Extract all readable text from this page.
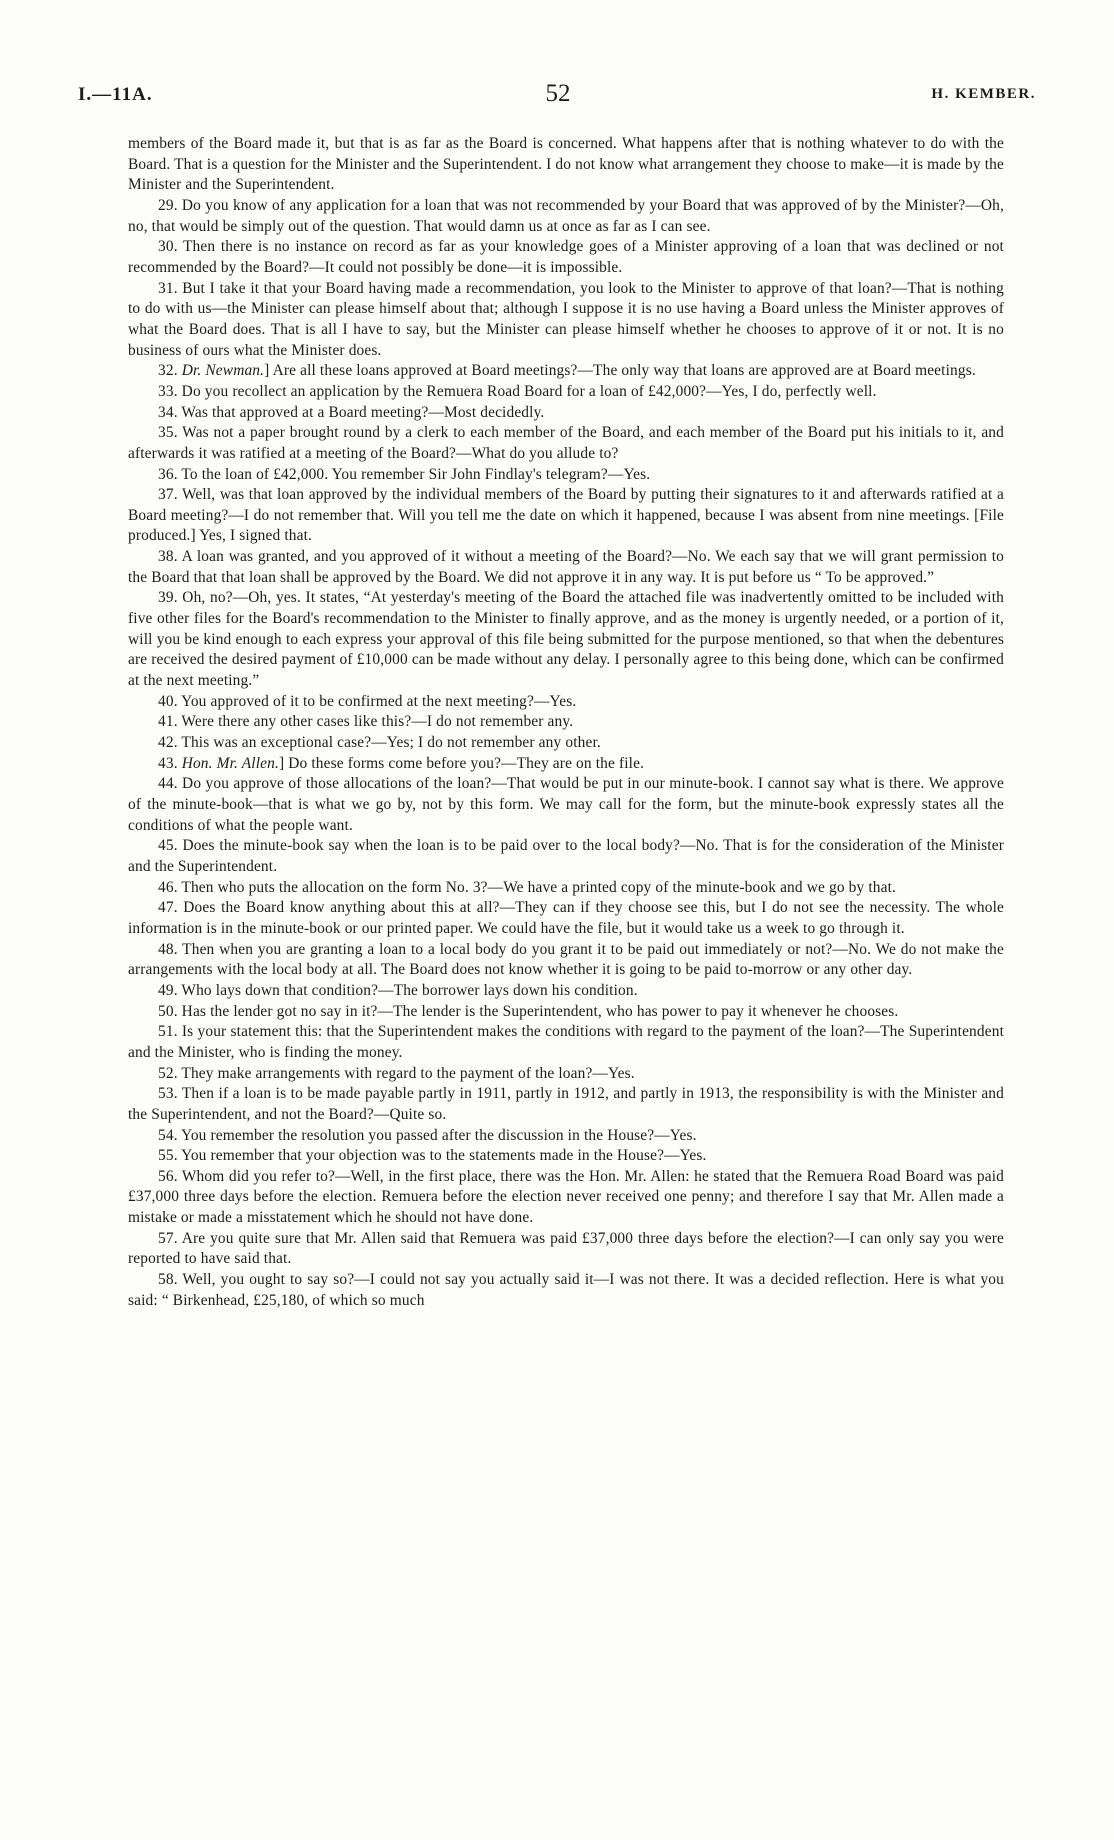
I.—11A.	52	H. KEMBER.

members of the Board made it, but that is as far as the Board is concerned. What happens after that is nothing whatever to do with the Board. That is a question for the Minister and the Superintendent. I do not know what arrangement they choose to make—it is made by the Minister and the Superintendent.

29. Do you know of any application for a loan that was not recommended by your Board that was approved of by the Minister?—Oh, no, that would be simply out of the question. That would damn us at once as far as I can see.

30. Then there is no instance on record as far as your knowledge goes of a Minister approving of a loan that was declined or not recommended by the Board?—It could not possibly be done—it is impossible.

31. But I take it that your Board having made a recommendation, you look to the Minister to approve of that loan?—That is nothing to do with us—the Minister can please himself about that; although I suppose it is no use having a Board unless the Minister approves of what the Board does. That is all I have to say, but the Minister can please himself whether he chooses to approve of it or not. It is no business of ours what the Minister does.

32. Dr. Newman.] Are all these loans approved at Board meetings?—The only way that loans are approved are at Board meetings.

33. Do you recollect an application by the Remuera Road Board for a loan of £42,000?—Yes, I do, perfectly well.

34. Was that approved at a Board meeting?—Most decidedly.

35. Was not a paper brought round by a clerk to each member of the Board, and each member of the Board put his initials to it, and afterwards it was ratified at a meeting of the Board?—What do you allude to?

36. To the loan of £42,000. You remember Sir John Findlay's telegram?—Yes.

37. Well, was that loan approved by the individual members of the Board by putting their signatures to it and afterwards ratified at a Board meeting?—I do not remember that. Will you tell me the date on which it happened, because I was absent from nine meetings. [File produced.] Yes, I signed that.

38. A loan was granted, and you approved of it without a meeting of the Board?—No. We each say that we will grant permission to the Board that that loan shall be approved by the Board. We did not approve it in any way. It is put before us “ To be approved.”

39. Oh, no?—Oh, yes. It states, “At yesterday's meeting of the Board the attached file was inadvertently omitted to be included with five other files for the Board's recommendation to the Minister to finally approve, and as the money is urgently needed, or a portion of it, will you be kind enough to each express your approval of this file being submitted for the purpose mentioned, so that when the debentures are received the desired payment of £10,000 can be made without any delay. I personally agree to this being done, which can be confirmed at the next meeting.”

40. You approved of it to be confirmed at the next meeting?—Yes.

41. Were there any other cases like this?—I do not remember any.

42. This was an exceptional case?—Yes; I do not remember any other.

43. Hon. Mr. Allen.] Do these forms come before you?—They are on the file.

44. Do you approve of those allocations of the loan?—That would be put in our minute-book. I cannot say what is there. We approve of the minute-book—that is what we go by, not by this form. We may call for the form, but the minute-book expressly states all the conditions of what the people want.

45. Does the minute-book say when the loan is to be paid over to the local body?—No. That is for the consideration of the Minister and the Superintendent.

46. Then who puts the allocation on the form No. 3?—We have a printed copy of the minute-book and we go by that.

47. Does the Board know anything about this at all?—They can if they choose see this, but I do not see the necessity. The whole information is in the minute-book or our printed paper. We could have the file, but it would take us a week to go through it.

48. Then when you are granting a loan to a local body do you grant it to be paid out immediately or not?—No. We do not make the arrangements with the local body at all. The Board does not know whether it is going to be paid to-morrow or any other day.

49. Who lays down that condition?—The borrower lays down his condition.

50. Has the lender got no say in it?—The lender is the Superintendent, who has power to pay it whenever he chooses.

51. Is your statement this: that the Superintendent makes the conditions with regard to the payment of the loan?—The Superintendent and the Minister, who is finding the money.

52. They make arrangements with regard to the payment of the loan?—Yes.

53. Then if a loan is to be made payable partly in 1911, partly in 1912, and partly in 1913, the responsibility is with the Minister and the Superintendent, and not the Board?—Quite so.

54. You remember the resolution you passed after the discussion in the House?—Yes.

55. You remember that your objection was to the statements made in the House?—Yes.

56. Whom did you refer to?—Well, in the first place, there was the Hon. Mr. Allen: he stated that the Remuera Road Board was paid £37,000 three days before the election. Remuera before the election never received one penny; and therefore I say that Mr. Allen made a mistake or made a misstatement which he should not have done.

57. Are you quite sure that Mr. Allen said that Remuera was paid £37,000 three days before the election?—I can only say you were reported to have said that.

58. Well, you ought to say so?—I could not say you actually said it—I was not there. It was a decided reflection. Here is what you said: “ Birkenhead, £25,180, of which so much
